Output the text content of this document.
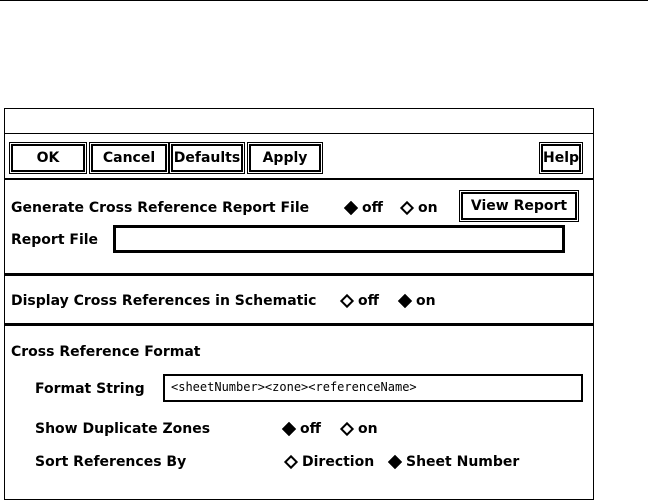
OK	Cancel	Defaults	Apply	Help
Generate Cross Reference Report File	off	on	View Report
Report File
Display Cross References in Schematic	off	on
Cross Reference Format
Format String	<sheetNumber><zone><referenceName>
Show Duplicate Zones	off	on
Sort References By	Direction Sheet Number
